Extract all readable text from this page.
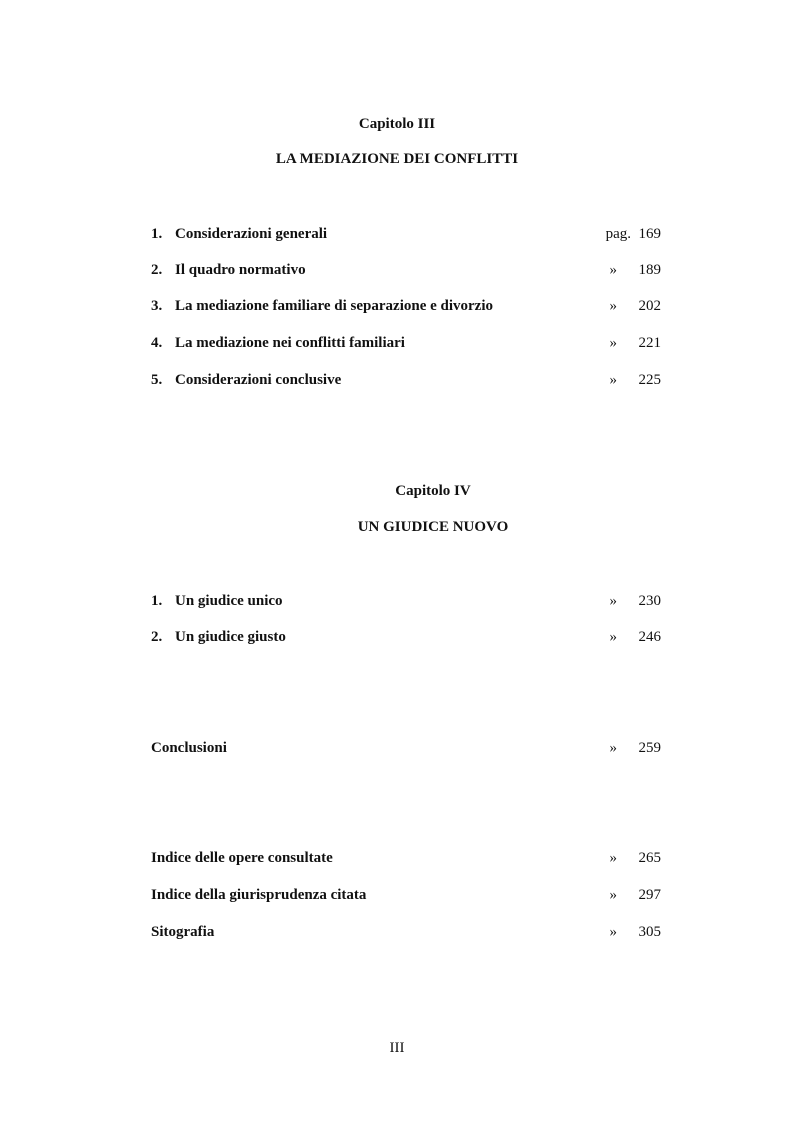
Capitolo III
LA MEDIAZIONE DEI CONFLITTI
1. Considerazioni generali	pag. 169
2. Il quadro normativo	» 189
3. La mediazione familiare di separazione e divorzio	» 202
4. La mediazione nei conflitti familiari	» 221
5. Considerazioni conclusive	» 225
Capitolo IV
UN GIUDICE NUOVO
1. Un giudice unico	» 230
2. Un giudice giusto	» 246
Conclusioni	» 259
Indice delle opere consultate	» 265
Indice della giurisprudenza citata	» 297
Sitografia	» 305
III
